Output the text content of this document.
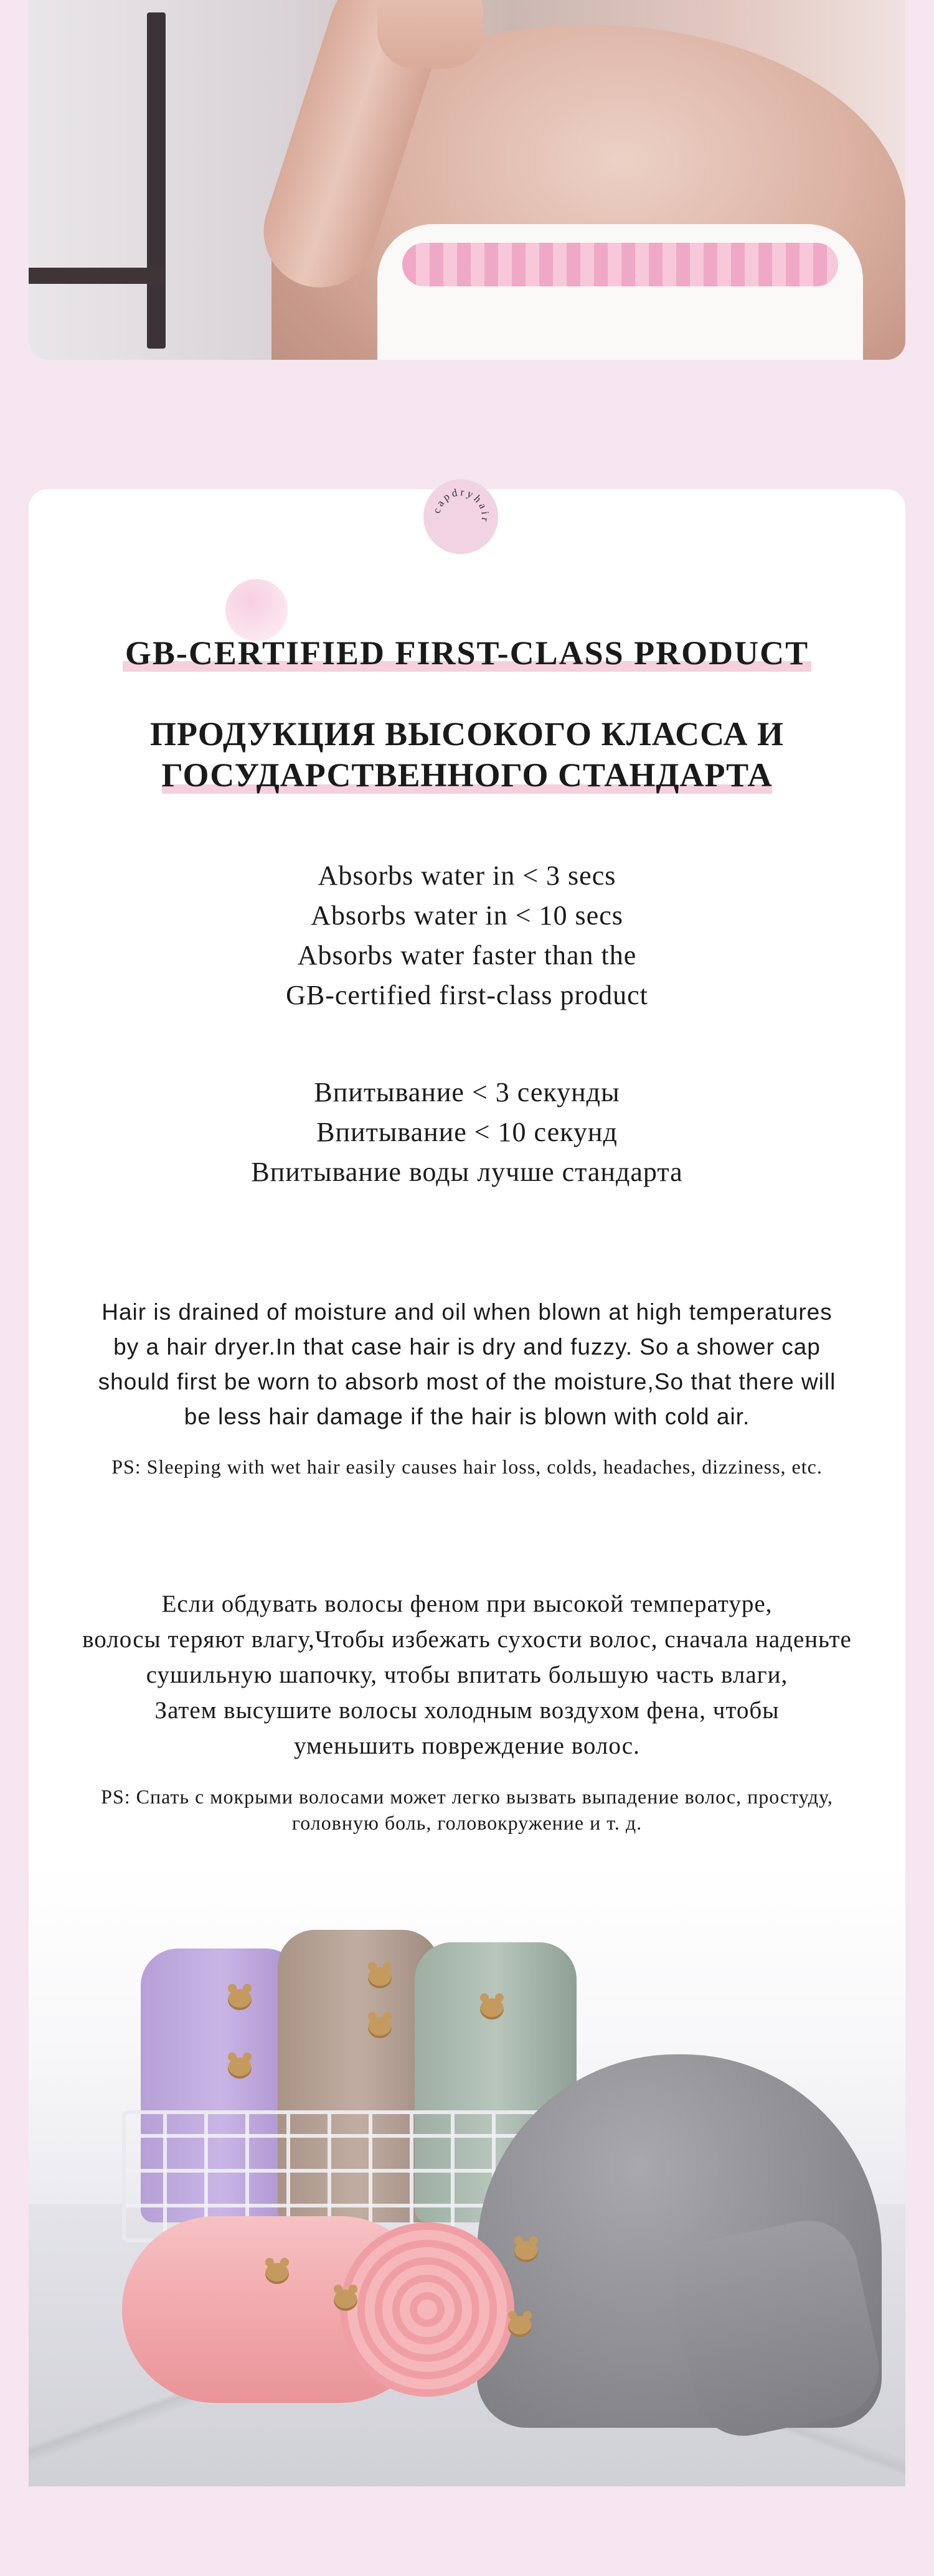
capdryhair
GB-CERTIFIED FIRST-CLASS PRODUCT
ПРОДУКЦИЯ ВЫСОКОГО КЛАССА И
ГОСУДАРСТВЕННОГО СТАНДАРТА
Absorbs water in < 3 secs
Absorbs water in < 10 secs
Absorbs water faster than the
GB-certified first-class product
Впитывание < 3 секунды
Впитывание < 10 секунд
Впитывание воды лучше стандарта
Hair is drained of moisture and oil when blown at high temperatures
by a hair dryer.In that case hair is dry and fuzzy. So a shower cap
should first be worn to absorb most of the moisture,So that there will
be less hair damage if the hair is blown with cold air.
PS: Sleeping with wet hair easily causes hair loss, colds, headaches, dizziness, etc.
Если обдувать волосы феном при высокой температуре,
волосы теряют влагу,Чтобы избежать сухости волос, сначала наденьте
сушильную шапочку, чтобы впитать большую часть влаги,
Затем высушите волосы холодным воздухом фена, чтобы
уменьшить повреждение волос.
PS: Спать с мокрыми волосами может легко вызвать выпадение волос, простуду,
головную боль, головокружение и т. д.
